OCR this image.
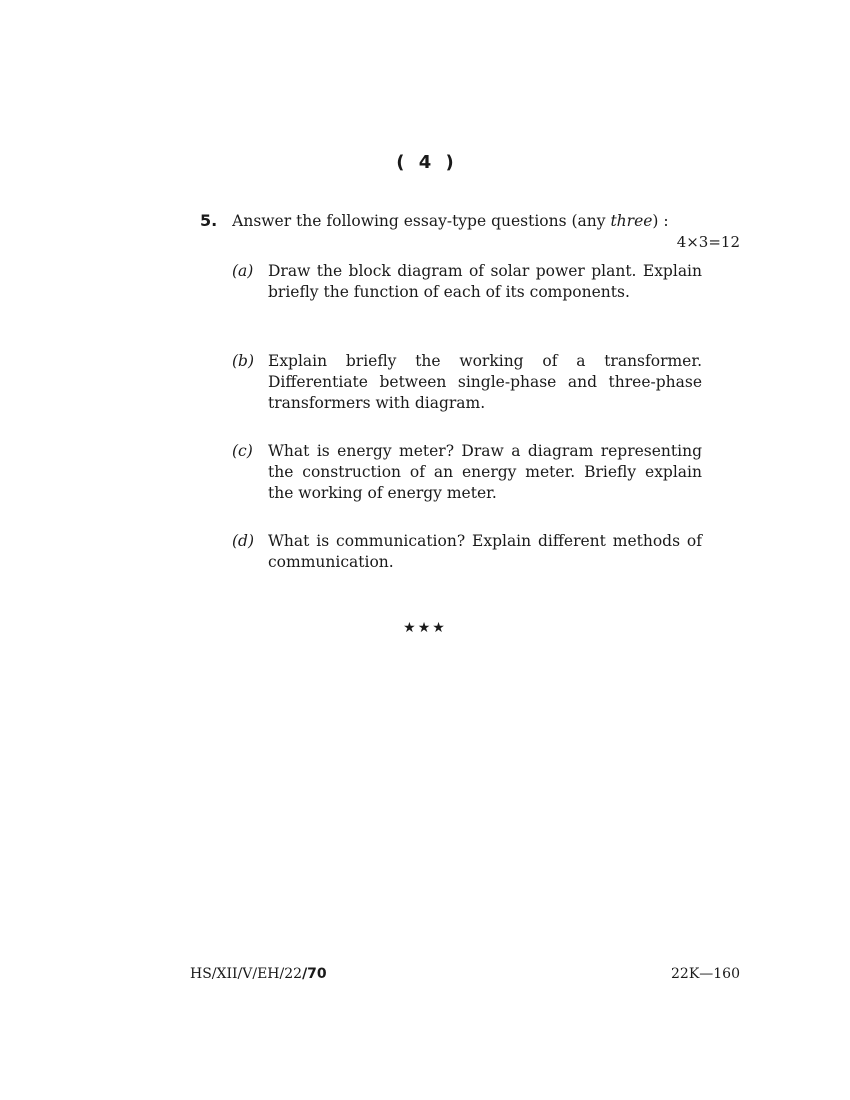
( 4 )
5. Answer the following essay-type questions (any three) :
4×3=12
(a) Draw the block diagram of solar power plant. Explain briefly the function of each of its components.
(b) Explain briefly the working of a transformer. Differentiate between single-phase and three-phase transformers with diagram.
(c) What is energy meter? Draw a diagram representing the construction of an energy meter. Briefly explain the working of energy meter.
(d) What is communication? Explain different methods of communication.
★★★
HS/XII/V/EH/22/70	22K—160
